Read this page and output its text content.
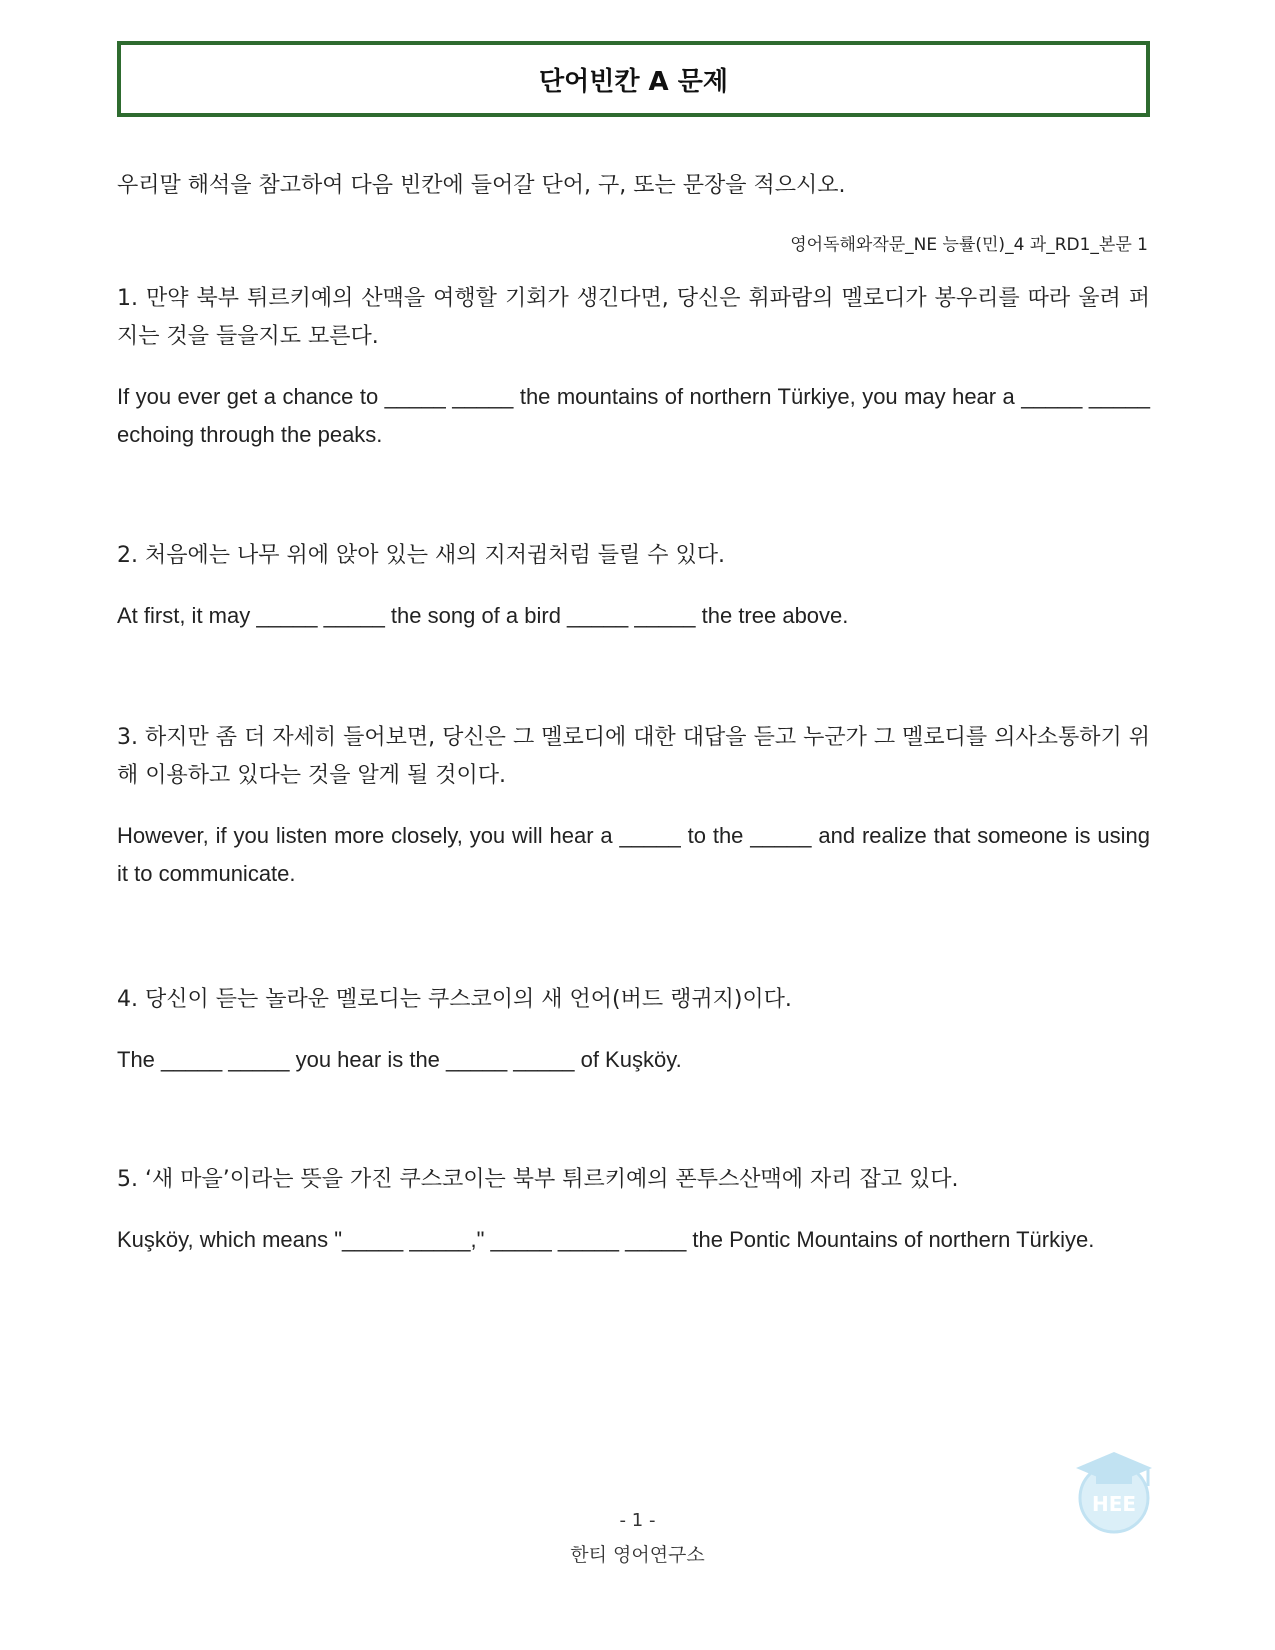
단어빈칸 A 문제
우리말 해석을 참고하여 다음 빈칸에 들어갈 단어, 구, 또는 문장을 적으시오.
영어독해와작문_NE 능률(민)_4 과_RD1_본문 1

1. 만약 북부 튀르키예의 산맥을 여행할 기회가 생긴다면, 당신은 휘파람의 멜로디가 봉우리를 따라 울려 퍼지는 것을 들을지도 모른다.

If you ever get a chance to _____ _____ the mountains of northern Türkiye, you may hear a _____ _____ echoing through the peaks.

2. 처음에는 나무 위에 앉아 있는 새의 지저귐처럼 들릴 수 있다.

At first, it may _____ _____ the song of a bird _____ _____ the tree above.

3. 하지만 좀 더 자세히 들어보면, 당신은 그 멜로디에 대한 대답을 듣고 누군가 그 멜로디를 의사소통하기 위해 이용하고 있다는 것을 알게 될 것이다.

However, if you listen more closely, you will hear a _____ to the _____ and realize that someone is using it to communicate.

4. 당신이 듣는 놀라운 멜로디는 쿠스코이의 새 언어(버드 랭귀지)이다.

The _____ _____ you hear is the _____ _____ of Kuşköy.

5. ‘새 마을’이라는 뜻을 가진 쿠스코이는 북부 튀르키예의 폰투스산맥에 자리 잡고 있다.

Kuşköy, which means "_____ _____," _____ _____ _____ the Pontic Mountains of northern Türkiye.

HEE
- 1 -
한티 영어연구소
